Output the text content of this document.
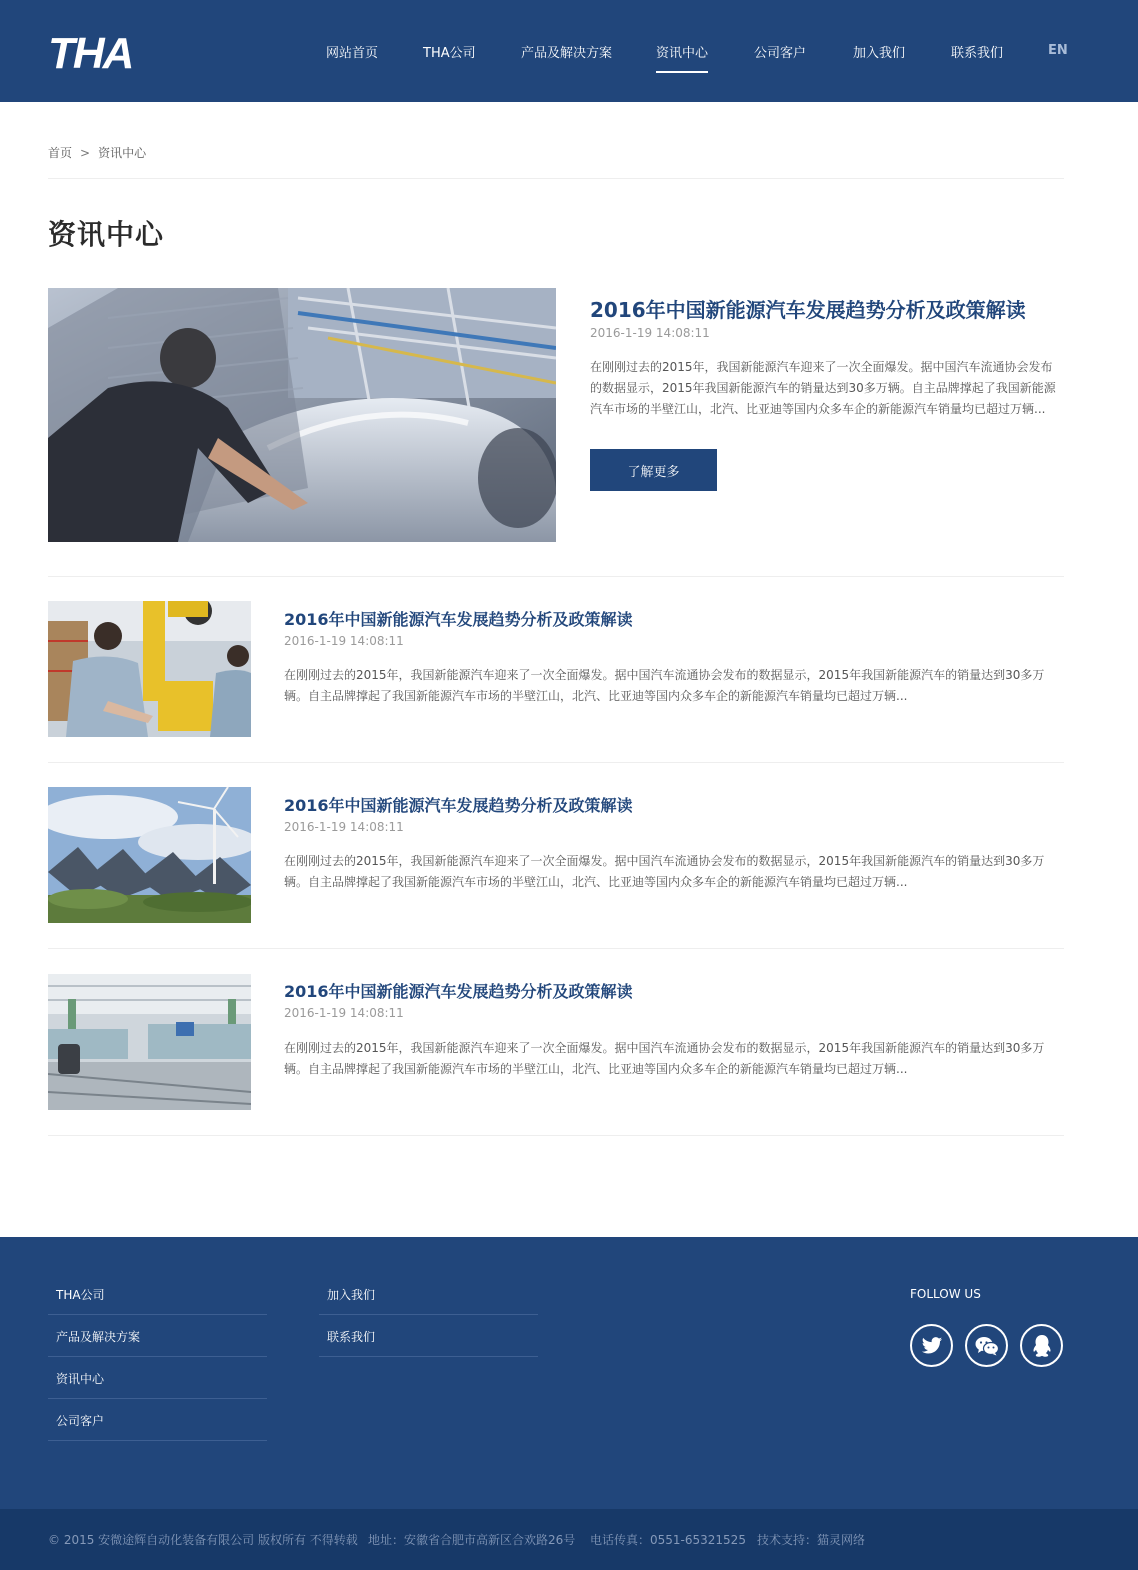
THA	网站首页	THA公司	产品及解决方案	资讯中心	公司客户	加入我们	联系我们	EN
首页 > 资讯中心
资讯中心
2016年中国新能源汽车发展趋势分析及政策解读
2016-1-19 14:08:11

在刚刚过去的2015年，我国新能源汽车迎来了一次全面爆发。据中国汽车流通协会发布的数据显示，2015年我国新能源汽车的销量达到30多万辆。自主品牌撑起了我国新能源汽车市场的半壁江山，北汽、比亚迪等国内众多车企的新能源汽车销量均已超过万辆...

了解更多
2016年中国新能源汽车发展趋势分析及政策解读
2016-1-19 14:08:11

在刚刚过去的2015年，我国新能源汽车迎来了一次全面爆发。据中国汽车流通协会发布的数据显示，2015年我国新能源汽车的销量达到30多万辆。自主品牌撑起了我国新能源汽车市场的半壁江山，北汽、比亚迪等国内众多车企的新能源汽车销量均已超过万辆...

2016年中国新能源汽车发展趋势分析及政策解读
2016-1-19 14:08:11

在刚刚过去的2015年，我国新能源汽车迎来了一次全面爆发。据中国汽车流通协会发布的数据显示，2015年我国新能源汽车的销量达到30多万辆。自主品牌撑起了我国新能源汽车市场的半壁江山，北汽、比亚迪等国内众多车企的新能源汽车销量均已超过万辆...

2016年中国新能源汽车发展趋势分析及政策解读
2016-1-19 14:08:11

在刚刚过去的2015年，我国新能源汽车迎来了一次全面爆发。据中国汽车流通协会发布的数据显示，2015年我国新能源汽车的销量达到30多万辆。自主品牌撑起了我国新能源汽车市场的半壁江山，北汽、比亚迪等国内众多车企的新能源汽车销量均已超过万辆...

THA公司
产品及解决方案
资讯中心
公司客户
加入我们
联系我们
FOLLOW US
© 2015 安微途辉自动化装备有限公司 版权所有 不得转载 地址：安徽省合肥市高新区合欢路26号 电话传真：0551-65321525 技术支持：猫灵网络
